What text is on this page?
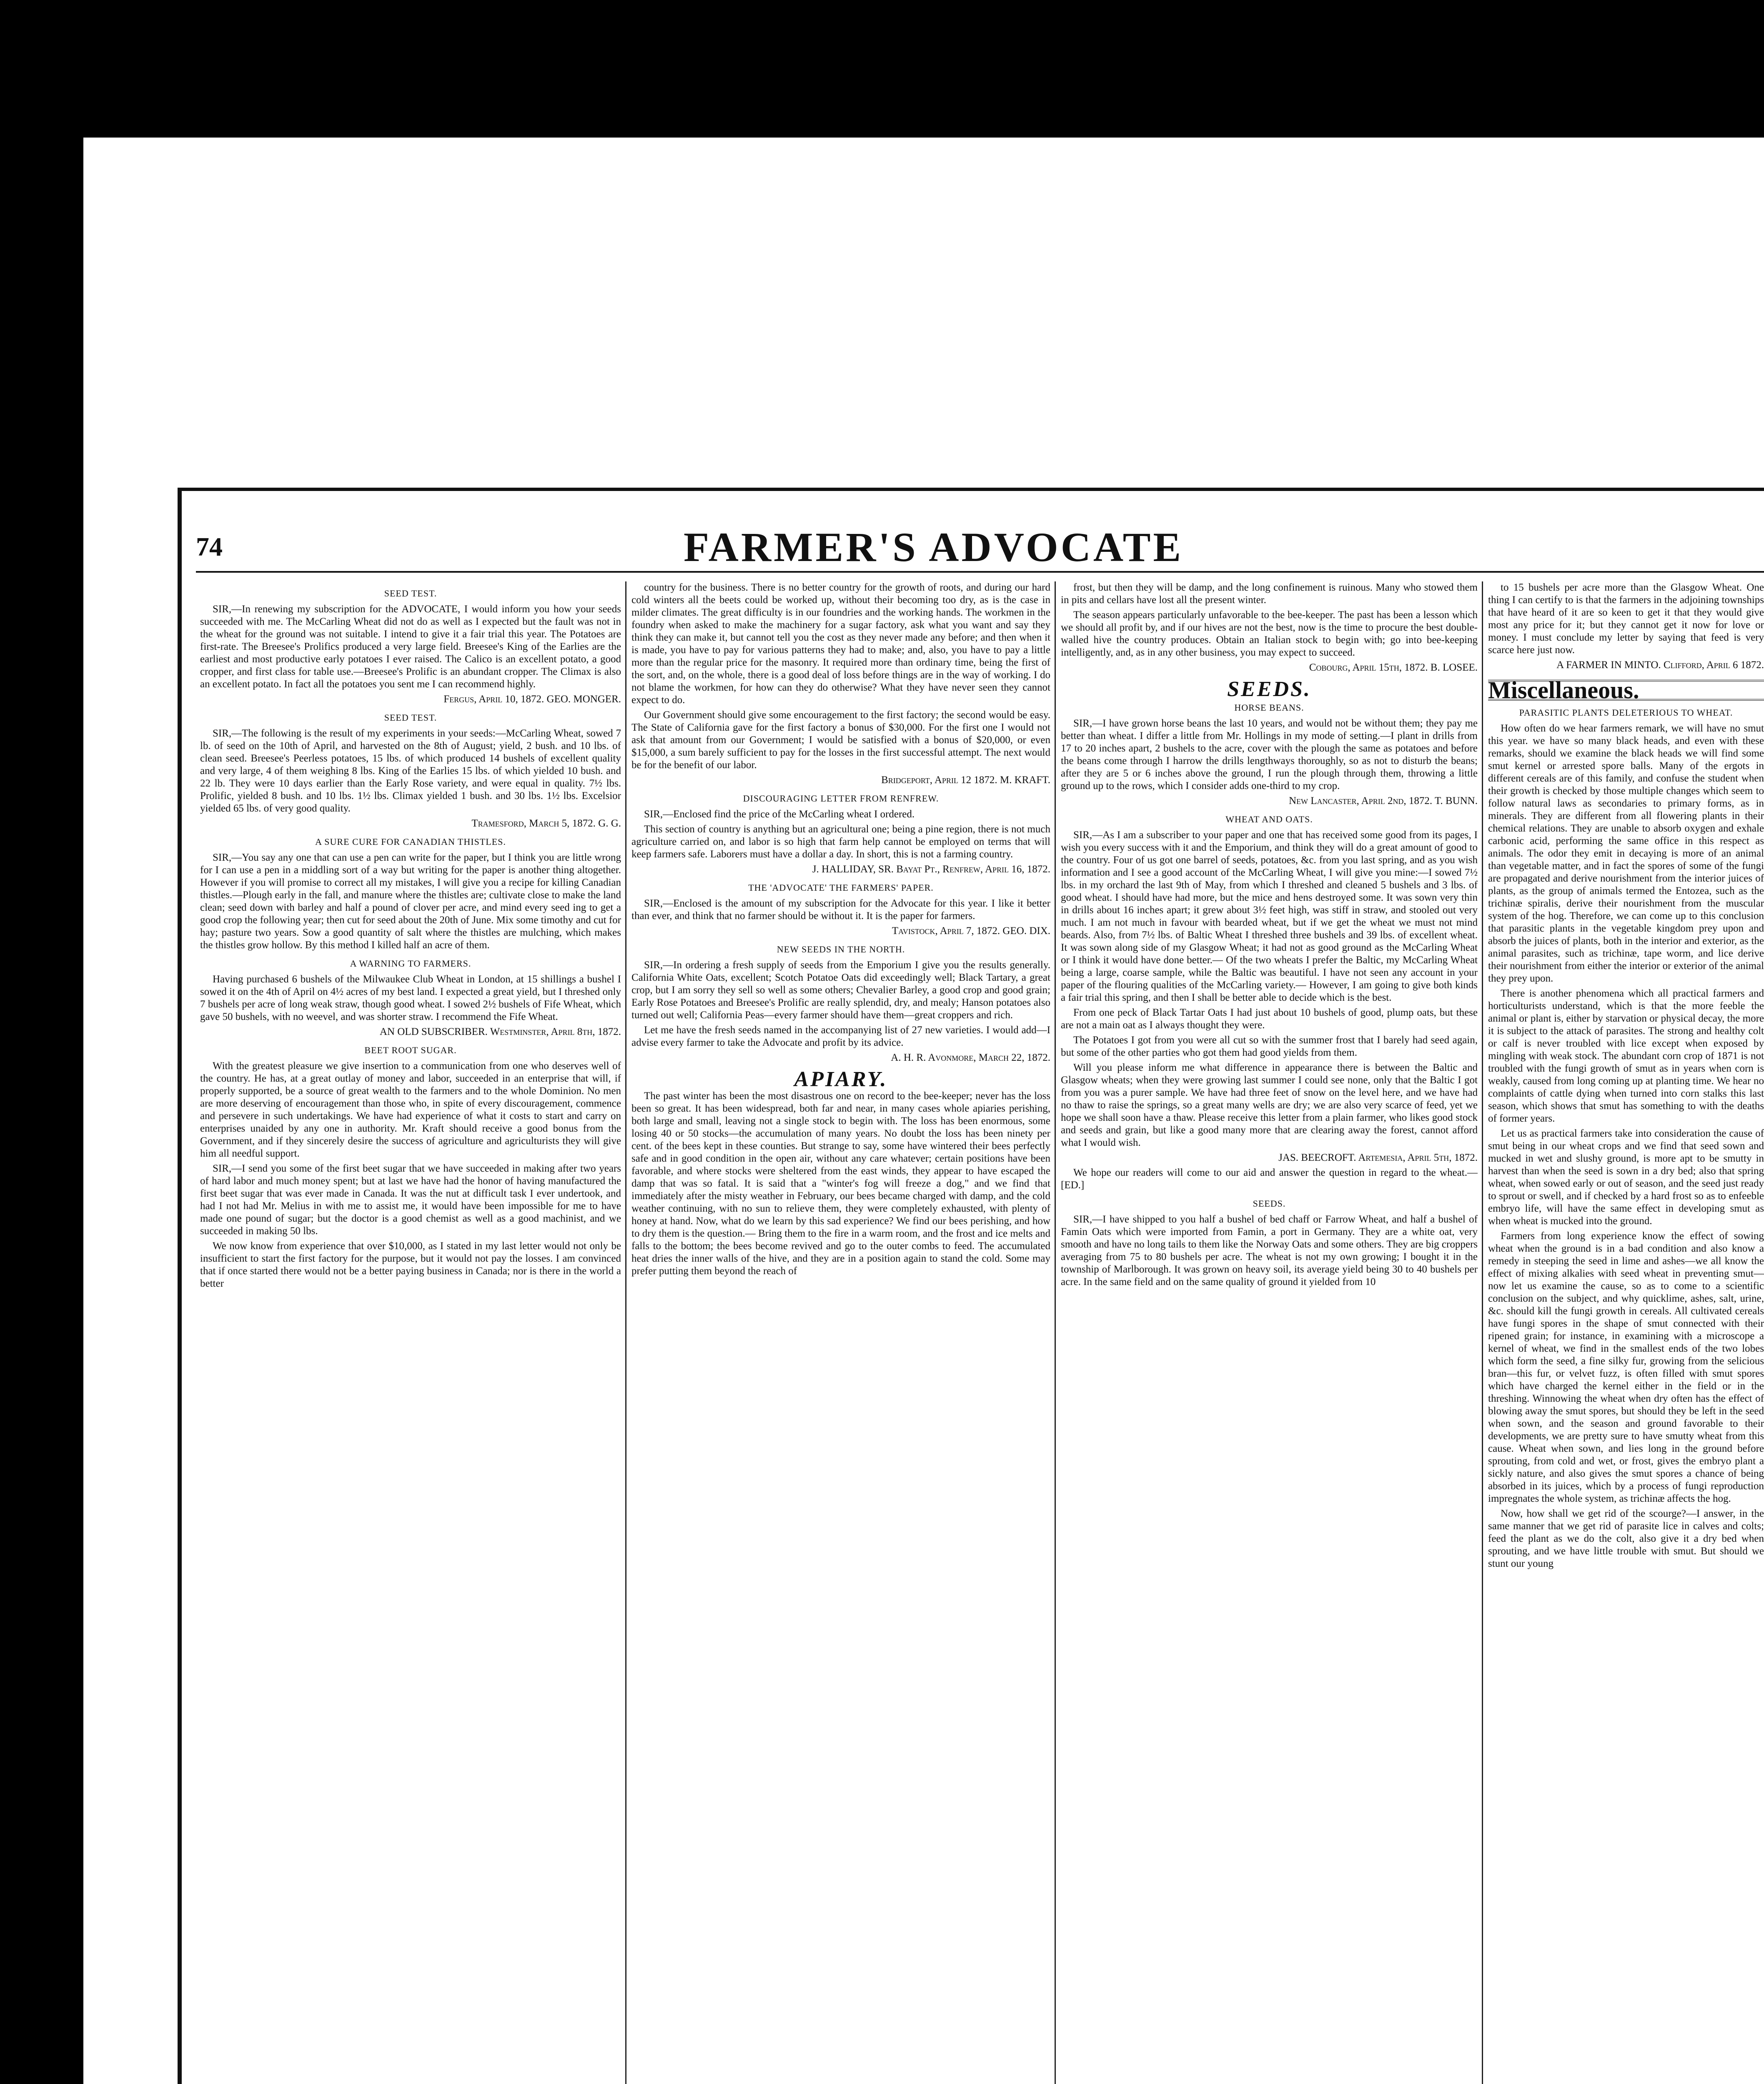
74	FARMER'S ADVOCATE
SEED TEST.
SIR,—In renewing my subscription for the ADVOCATE, I would inform you how your seeds succeeded with me. The McCarling Wheat did not do as well as I expected but the fault was not in the wheat for the ground was not suitable. I intend to give it a fair trial this year. The Potatoes are first-rate. The Breesee's Prolifics produced a very large field. Breesee's King of the Earlies are the earliest and most productive early potatoes I ever raised. The Calico is an excellent potato, a good cropper, and first class for table use.—Breesee's Prolific is an abundant cropper. The Climax is also an excellent potato. In fact all the potatoes you sent me I can recommend highly.
Fergus, April 10, 1872. GEO. MONGER.
SEED TEST.
SIR,—The following is the result of my experiments in your seeds:—McCarling Wheat, sowed 7 lb. of seed on the 10th of April, and harvested on the 8th of August; yield, 2 bush. and 10 lbs. of clean seed. Breesee's Peerless potatoes, 15 lbs. of which produced 14 bushels of excellent quality and very large, 4 of them weighing 8 lbs. King of the Earlies 15 lbs. of which yielded 10 bush. and 22 lb. They were 10 days earlier than the Early Rose variety, and were equal in quality. 7½ lbs. Prolific, yielded 8 bush. and 10 lbs. 1½ lbs. Climax yielded 1 bush. and 30 lbs. 1½ lbs. Excelsior yielded 65 lbs. of very good quality.
Tramesford, March 5, 1872. G. G.
A SURE CURE FOR CANADIAN THISTLES.
SIR,—You say any one that can use a pen can write for the paper, but I think you are little wrong for I can use a pen in a middling sort of a way but writing for the paper is another thing altogether. However if you will promise to correct all my mistakes, I will give you a recipe for killing Canadian thistles.—Plough early in the fall, and manure where the thistles are; cultivate close to make the land clean; seed down with barley and half a pound of clover per acre, and mind every seed ing to get a good crop the following year; then cut for seed about the 20th of June. Mix some timothy and cut for hay; pasture two years. Sow a good quantity of salt where the thistles are mulching, which makes the thistles grow hollow. By this method I killed half an acre of them.
A WARNING TO FARMERS.
Having purchased 6 bushels of the Milwaukee Club Wheat in London, at 15 shillings a bushel I sowed it on the 4th of April on 4½ acres of my best land. I expected a great yield, but I threshed only 7 bushels per acre of long weak straw, though good wheat. I sowed 2½ bushels of Fife Wheat, which gave 50 bushels, with no weevel, and was shorter straw. I recommend the Fife Wheat.
AN OLD SUBSCRIBER. Westminster, April 8th, 1872.
BEET ROOT SUGAR.
With the greatest pleasure we give insertion to a communication from one who deserves well of the country. He has, at a great outlay of money and labor, succeeded in an enterprise that will, if properly supported, be a source of great wealth to the farmers and to the whole Dominion. No men are more deserving of encouragement than those who, in spite of every discouragement, commence and persevere in such undertakings. We have had experience of what it costs to start and carry on enterprises unaided by any one in authority. Mr. Kraft should receive a good bonus from the Government, and if they sincerely desire the success of agriculture and agriculturists they will give him all needful support.
SIR,—I send you some of the first beet sugar that we have succeeded in making after two years of hard labor and much money spent; but at last we have had the honor of having manufactured the first beet sugar that was ever made in Canada. It was the nut at difficult task I ever undertook, and had I not had Mr. Melius in with me to assist me, it would have been impossible for me to have made one pound of sugar; but the doctor is a good chemist as well as a good machinist, and we succeeded in making 50 lbs.
We now know from experience that over $10,000, as I stated in my last letter would not only be insufficient to start the first factory for the purpose, but it would not pay the losses. I am convinced that if once started there would not be a better paying business in Canada; nor is there in the world a better
country for the business. There is no better country for the growth of roots, and during our hard cold winters all the beets could be worked up, without their becoming too dry, as is the case in milder climates. The great difficulty is in our foundries and the working hands. The workmen in the foundry when asked to make the machinery for a sugar factory, ask what you want and say they think they can make it, but cannot tell you the cost as they never made any before; and then when it is made, you have to pay for various patterns they had to make; and, also, you have to pay a little more than the regular price for the masonry. It required more than ordinary time, being the first of the sort, and, on the whole, there is a good deal of loss before things are in the way of working. I do not blame the workmen, for how can they do otherwise? What they have never seen they cannot expect to do.
Our Government should give some encouragement to the first factory; the second would be easy. The State of California gave for the first factory a bonus of $30,000. For the first one I would not ask that amount from our Government; I would be satisfied with a bonus of $20,000, or even $15,000, a sum barely sufficient to pay for the losses in the first successful attempt. The next would be for the benefit of our labor.
Bridgeport, April 12 1872. M. KRAFT.
DISCOURAGING LETTER FROM RENFREW.
SIR,—Enclosed find the price of the McCarling wheat I ordered.
This section of country is anything but an agricultural one; being a pine region, there is not much agriculture carried on, and labor is so high that farm help cannot be employed on terms that will keep farmers safe. Laborers must have a dollar a day. In short, this is not a farming country.
J. HALLIDAY, SR. Bayat Pt., Renfrew, April 16, 1872.
THE 'ADVOCATE' THE FARMERS' PAPER.
SIR,—Enclosed is the amount of my subscription for the Advocate for this year. I like it better than ever, and think that no farmer should be without it. It is the paper for farmers.
Tavistock, April 7, 1872. GEO. DIX.
NEW SEEDS IN THE NORTH.
SIR,—In ordering a fresh supply of seeds from the Emporium I give you the results generally. California White Oats, excellent; Scotch Potatoe Oats did exceedingly well; Black Tartary, a great crop, but I am sorry they sell so well as some others; Chevalier Barley, a good crop and good grain; Early Rose Potatoes and Breesee's Prolific are really splendid, dry, and mealy; Hanson potatoes also turned out well; California Peas—every farmer should have them—great croppers and rich.
Let me have the fresh seeds named in the accompanying list of 27 new varieties. I would add—I advise every farmer to take the Advocate and profit by its advice.
A. H. R. Avonmore, March 22, 1872.
APIARY.
The past winter has been the most disastrous one on record to the bee-keeper; never has the loss been so great. It has been widespread, both far and near, in many cases whole apiaries perishing, both large and small, leaving not a single stock to begin with. The loss has been enormous, some losing 40 or 50 stocks—the accumulation of many years. No doubt the loss has been ninety per cent. of the bees kept in these counties. But strange to say, some have wintered their bees perfectly safe and in good condition in the open air, without any care whatever; certain positions have been favorable, and where stocks were sheltered from the east winds, they appear to have escaped the damp that was so fatal. It is said that a "winter's fog will freeze a dog," and we find that immediately after the misty weather in February, our bees became charged with damp, and the cold weather continuing, with no sun to relieve them, they were completely exhausted, with plenty of honey at hand. Now, what do we learn by this sad experience? We find our bees perishing, and how to dry them is the question.— Bring them to the fire in a warm room, and the frost and ice melts and falls to the bottom; the bees become revived and go to the outer combs to feed. The accumulated heat dries the inner walls of the hive, and they are in a position again to stand the cold. Some may prefer putting them beyond the reach of
frost, but then they will be damp, and the long confinement is ruinous. Many who stowed them in pits and cellars have lost all the present winter.
The season appears particularly unfavorable to the bee-keeper. The past has been a lesson which we should all profit by, and if our hives are not the best, now is the time to procure the best double-walled hive the country produces. Obtain an Italian stock to begin with; go into bee-keeping intelligently, and, as in any other business, you may expect to succeed.
Cobourg, April 15th, 1872. B. LOSEE.
SEEDS.
HORSE BEANS.
SIR,—I have grown horse beans the last 10 years, and would not be without them; they pay me better than wheat. I differ a little from Mr. Hollings in my mode of setting.—I plant in drills from 17 to 20 inches apart, 2 bushels to the acre, cover with the plough the same as potatoes and before the beans come through I harrow the drills lengthways thoroughly, so as not to disturb the beans; after they are 5 or 6 inches above the ground, I run the plough through them, throwing a little ground up to the rows, which I consider adds one-third to my crop.
New Lancaster, April 2nd, 1872. T. BUNN.
WHEAT AND OATS.
SIR,—As I am a subscriber to your paper and one that has received some good from its pages, I wish you every success with it and the Emporium, and think they will do a great amount of good to the country. Four of us got one barrel of seeds, potatoes, &c. from you last spring, and as you wish information and I see a good account of the McCarling Wheat, I will give you mine:—I sowed 7½ lbs. in my orchard the last 9th of May, from which I threshed and cleaned 5 bushels and 3 lbs. of good wheat. I should have had more, but the mice and hens destroyed some. It was sown very thin in drills about 16 inches apart; it grew about 3½ feet high, was stiff in straw, and stooled out very much. I am not much in favour with bearded wheat, but if we get the wheat we must not mind beards. Also, from 7½ lbs. of Baltic Wheat I threshed three bushels and 39 lbs. of excellent wheat. It was sown along side of my Glasgow Wheat; it had not as good ground as the McCarling Wheat or I think it would have done better.— Of the two wheats I prefer the Baltic, my McCarling Wheat being a large, coarse sample, while the Baltic was beautiful. I have not seen any account in your paper of the flouring qualities of the McCarling variety.— However, I am going to give both kinds a fair trial this spring, and then I shall be better able to decide which is the best.
From one peck of Black Tartar Oats I had just about 10 bushels of good, plump oats, but these are not a main oat as I always thought they were.
The Potatoes I got from you were all cut so with the summer frost that I barely had seed again, but some of the other parties who got them had good yields from them.
Will you please inform me what difference in appearance there is between the Baltic and Glasgow wheats; when they were growing last summer I could see none, only that the Baltic I got from you was a purer sample. We have had three feet of snow on the level here, and we have had no thaw to raise the springs, so a great many wells are dry; we are also very scarce of feed, yet we hope we shall soon have a thaw. Please receive this letter from a plain farmer, who likes good stock and seeds and grain, but like a good many more that are clearing away the forest, cannot afford what I would wish.
JAS. BEECROFT. Artemesia, April 5th, 1872.
We hope our readers will come to our aid and answer the question in regard to the wheat.—[ED.]
SEEDS.
SIR,—I have shipped to you half a bushel of bed chaff or Farrow Wheat, and half a bushel of Famin Oats which were imported from Famin, a port in Germany. They are a white oat, very smooth and have no long tails to them like the Norway Oats and some others. They are big croppers averaging from 75 to 80 bushels per acre. The wheat is not my own growing; I bought it in the township of Marlborough. It was grown on heavy soil, its average yield being 30 to 40 bushels per acre. In the same field and on the same quality of ground it yielded from 10
to 15 bushels per acre more than the Glasgow Wheat. One thing I can certify to is that the farmers in the adjoining townships that have heard of it are so keen to get it that they would give most any price for it; but they cannot get it now for love or money. I must conclude my letter by saying that feed is very scarce here just now.
A FARMER IN MINTO. Clifford, April 6 1872.
Miscellaneous.
PARASITIC PLANTS DELETERIOUS TO WHEAT.
How often do we hear farmers remark, we will have no smut this year. we have so many black heads, and even with these remarks, should we examine the black heads we will find some smut kernel or arrested spore balls. Many of the ergots in different cereals are of this family, and confuse the student when their growth is checked by those multiple changes which seem to follow natural laws as secondaries to primary forms, as in minerals. They are different from all flowering plants in their chemical relations. They are unable to absorb oxygen and exhale carbonic acid, performing the same office in this respect as animals. The odor they emit in decaying is more of an animal than vegetable matter, and in fact the spores of some of the fungi are propagated and derive nourishment from the interior juices of plants, as the group of animals termed the Entozea, such as the trichinæ spiralis, derive their nourishment from the muscular system of the hog. Therefore, we can come up to this conclusion that parasitic plants in the vegetable kingdom prey upon and absorb the juices of plants, both in the interior and exterior, as the animal parasites, such as trichinæ, tape worm, and lice derive their nourishment from either the interior or exterior of the animal they prey upon.
There is another phenomena which all practical farmers and horticulturists understand, which is that the more feeble the animal or plant is, either by starvation or physical decay, the more it is subject to the attack of parasites. The strong and healthy colt or calf is never troubled with lice except when exposed by mingling with weak stock. The abundant corn crop of 1871 is not troubled with the fungi growth of smut as in years when corn is weakly, caused from long coming up at planting time. We hear no complaints of cattle dying when turned into corn stalks this last season, which shows that smut has something to with the deaths of former years.
Let us as practical farmers take into consideration the cause of smut being in our wheat crops and we find that seed sown and mucked in wet and slushy ground, is more apt to be smutty in harvest than when the seed is sown in a dry bed; also that spring wheat, when sowed early or out of season, and the seed just ready to sprout or swell, and if checked by a hard frost so as to enfeeble embryo life, will have the same effect in developing smut as when wheat is mucked into the ground.
Farmers from long experience know the effect of sowing wheat when the ground is in a bad condition and also know a remedy in steeping the seed in lime and ashes—we all know the effect of mixing alkalies with seed wheat in preventing smut—now let us examine the cause, so as to come to a scientific conclusion on the subject, and why quicklime, ashes, salt, urine, &c. should kill the fungi growth in cereals. All cultivated cereals have fungi spores in the shape of smut connected with their ripened grain; for instance, in examining with a microscope a kernel of wheat, we find in the smallest ends of the two lobes which form the seed, a fine silky fur, growing from the selicious bran—this fur, or velvet fuzz, is often filled with smut spores which have charged the kernel either in the field or in the threshing. Winnowing the wheat when dry often has the effect of blowing away the smut spores, but should they be left in the seed when sown, and the season and ground favorable to their developments, we are pretty sure to have smutty wheat from this cause. Wheat when sown, and lies long in the ground before sprouting, from cold and wet, or frost, gives the embryo plant a sickly nature, and also gives the smut spores a chance of being absorbed in its juices, which by a process of fungi reproduction impregnates the whole system, as trichinæ affects the hog.
Now, how shall we get rid of the scourge?—I answer, in the same manner that we get rid of parasite lice in calves and colts; feed the plant as we do the colt, also give it a dry bed when sprouting, and we have little trouble with smut. But should we stunt our young
